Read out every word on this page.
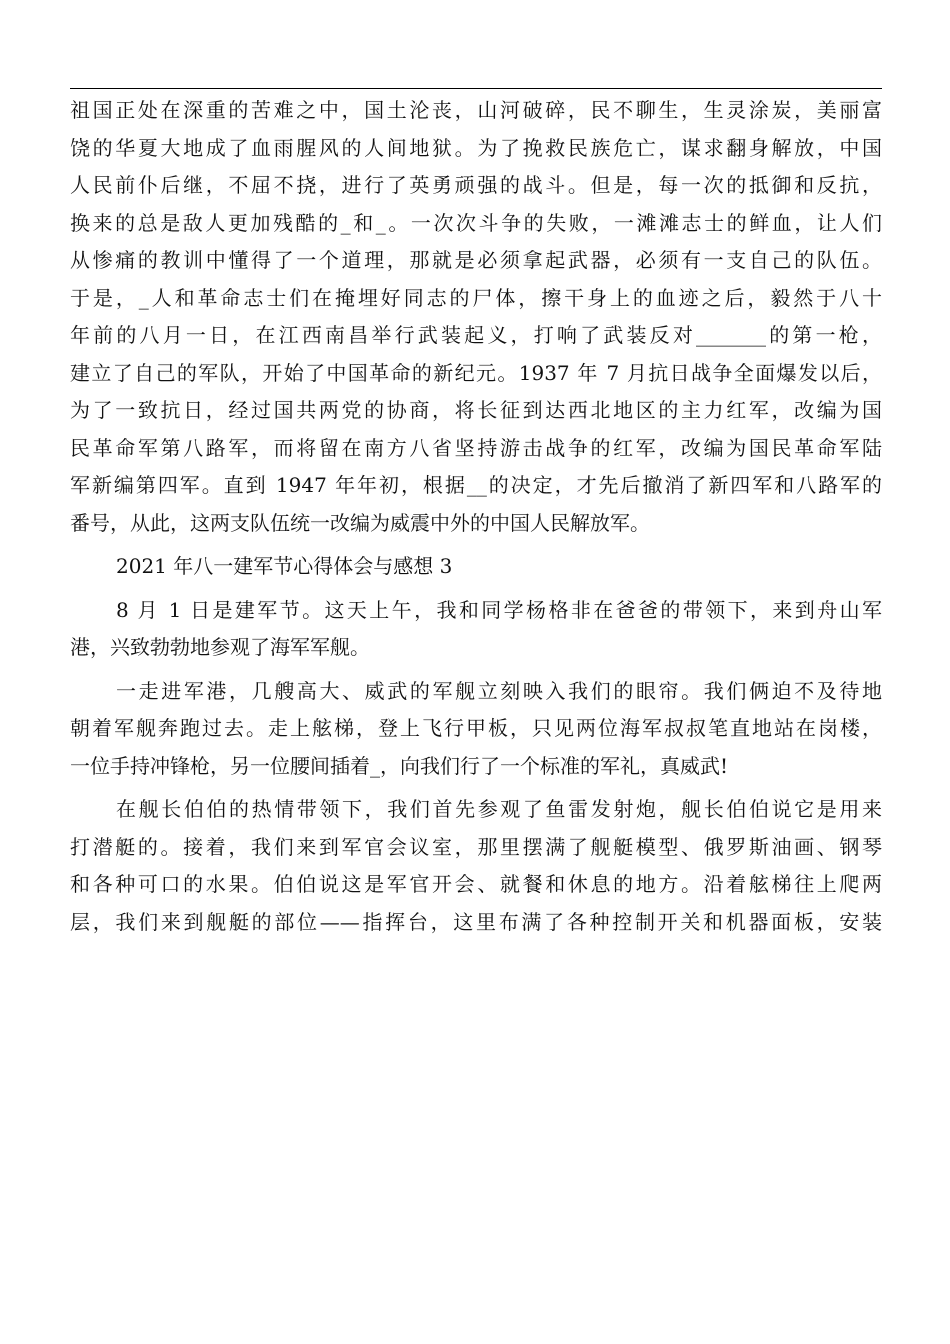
祖国正处在深重的苦难之中，国土沦丧，山河破碎，民不聊生，生灵涂炭，美丽富
饶的华夏大地成了血雨腥风的人间地狱。为了挽救民族危亡，谋求翻身解放，中国
人民前仆后继，不屈不挠，进行了英勇顽强的战斗。但是，每一次的抵御和反抗，
换来的总是敌人更加残酷的_和_。一次次斗争的失败，一滩滩志士的鲜血，让人们
从惨痛的教训中懂得了一个道理，那就是必须拿起武器，必须有一支自己的队伍。
于是，_人和革命志士们在掩埋好同志的尸体，擦干身上的血迹之后，毅然于八十
年前的八月一日，在江西南昌举行武装起义，打响了武装反对_______的第一枪，
建立了自己的军队，开始了中国革命的新纪元。1937 年 7 月抗日战争全面爆发以后，
为了一致抗日，经过国共两党的协商，将长征到达西北地区的主力红军，改编为国
民革命军第八路军，而将留在南方八省坚持游击战争的红军，改编为国民革命军陆
军新编第四军。直到 1947 年年初，根据__的决定，才先后撤消了新四军和八路军的
番号，从此，这两支队伍统一改编为威震中外的中国人民解放军。
2021 年八一建军节心得体会与感想 3
8 月 1 日是建军节。这天上午，我和同学杨格非在爸爸的带领下，来到舟山军
港，兴致勃勃地参观了海军军舰。
一走进军港，几艘高大、威武的军舰立刻映入我们的眼帘。我们俩迫不及待地
朝着军舰奔跑过去。走上舷梯，登上飞行甲板，只见两位海军叔叔笔直地站在岗楼，
一位手持冲锋枪，另一位腰间插着_，向我们行了一个标准的军礼，真威武!
在舰长伯伯的热情带领下，我们首先参观了鱼雷发射炮，舰长伯伯说它是用来
打潜艇的。接着，我们来到军官会议室，那里摆满了舰艇模型、俄罗斯油画、钢琴
和各种可口的水果。伯伯说这是军官开会、就餐和休息的地方。沿着舷梯往上爬两
层，我们来到舰艇的部位——指挥台，这里布满了各种控制开关和机器面板，安装
